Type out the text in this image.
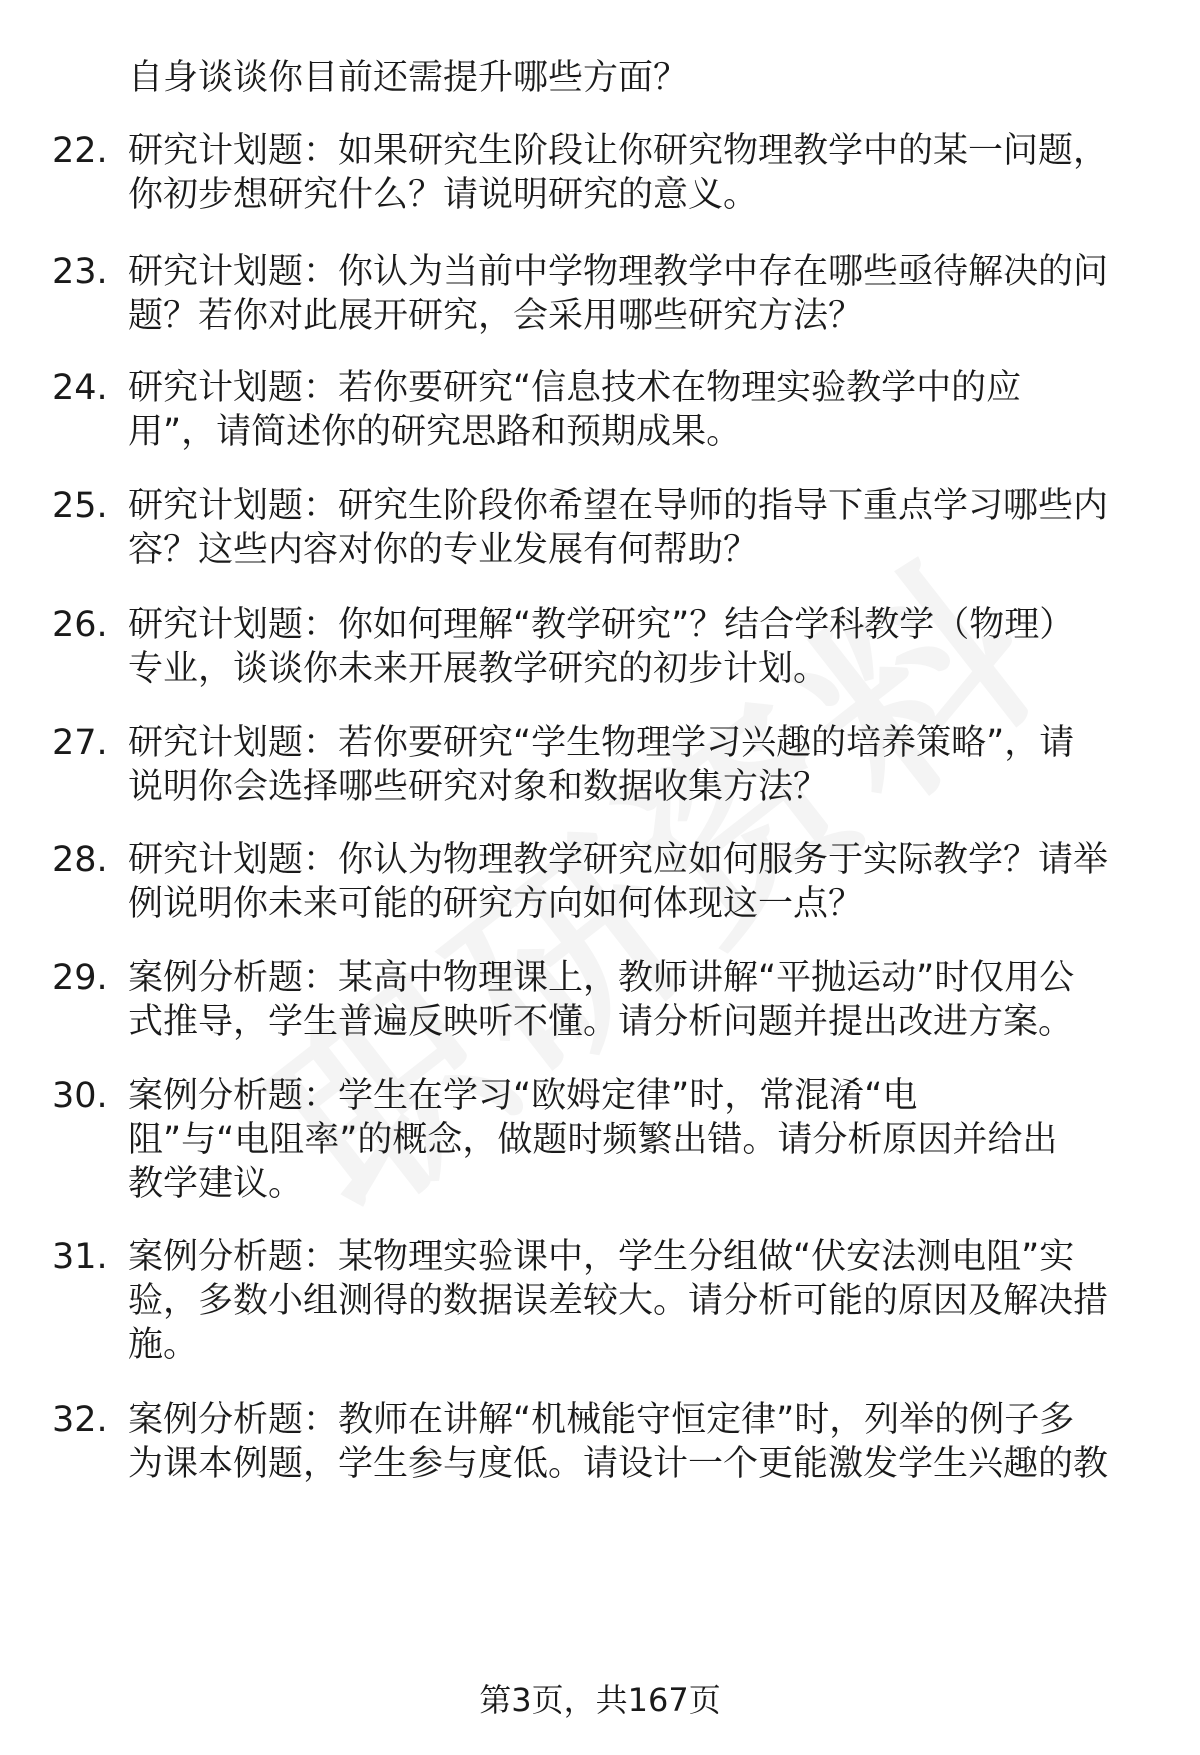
自身谈谈你目前还需提升哪些方面？
22. 研究计划题：如果研究生阶段让你研究物理教学中的某一问题，
你初步想研究什么？请说明研究的意义。
23. 研究计划题：你认为当前中学物理教学中存在哪些亟待解决的问
题？若你对此展开研究，会采用哪些研究方法？
24. 研究计划题：若你要研究“信息技术在物理实验教学中的应
用”，请简述你的研究思路和预期成果。
25. 研究计划题：研究生阶段你希望在导师的指导下重点学习哪些内
容？这些内容对你的专业发展有何帮助？
26. 研究计划题：你如何理解“教学研究”？结合学科教学（物理）
专业，谈谈你未来开展教学研究的初步计划。
27. 研究计划题：若你要研究“学生物理学习兴趣的培养策略”，请
说明你会选择哪些研究对象和数据收集方法？
28. 研究计划题：你认为物理教学研究应如何服务于实际教学？请举
例说明你未来可能的研究方向如何体现这一点？
29. 案例分析题：某高中物理课上，教师讲解“平抛运动”时仅用公
式推导，学生普遍反映听不懂。请分析问题并提出改进方案。
30. 案例分析题：学生在学习“欧姆定律”时，常混淆“电
阻”与“电阻率”的概念，做题时频繁出错。请分析原因并给出
教学建议。
31. 案例分析题：某物理实验课中，学生分组做“伏安法测电阻”实
验，多数小组测得的数据误差较大。请分析可能的原因及解决措
施。
32. 案例分析题：教师在讲解“机械能守恒定律”时，列举的例子多
为课本例题，学生参与度低。请设计一个更能激发学生兴趣的教
第3页，共167页
